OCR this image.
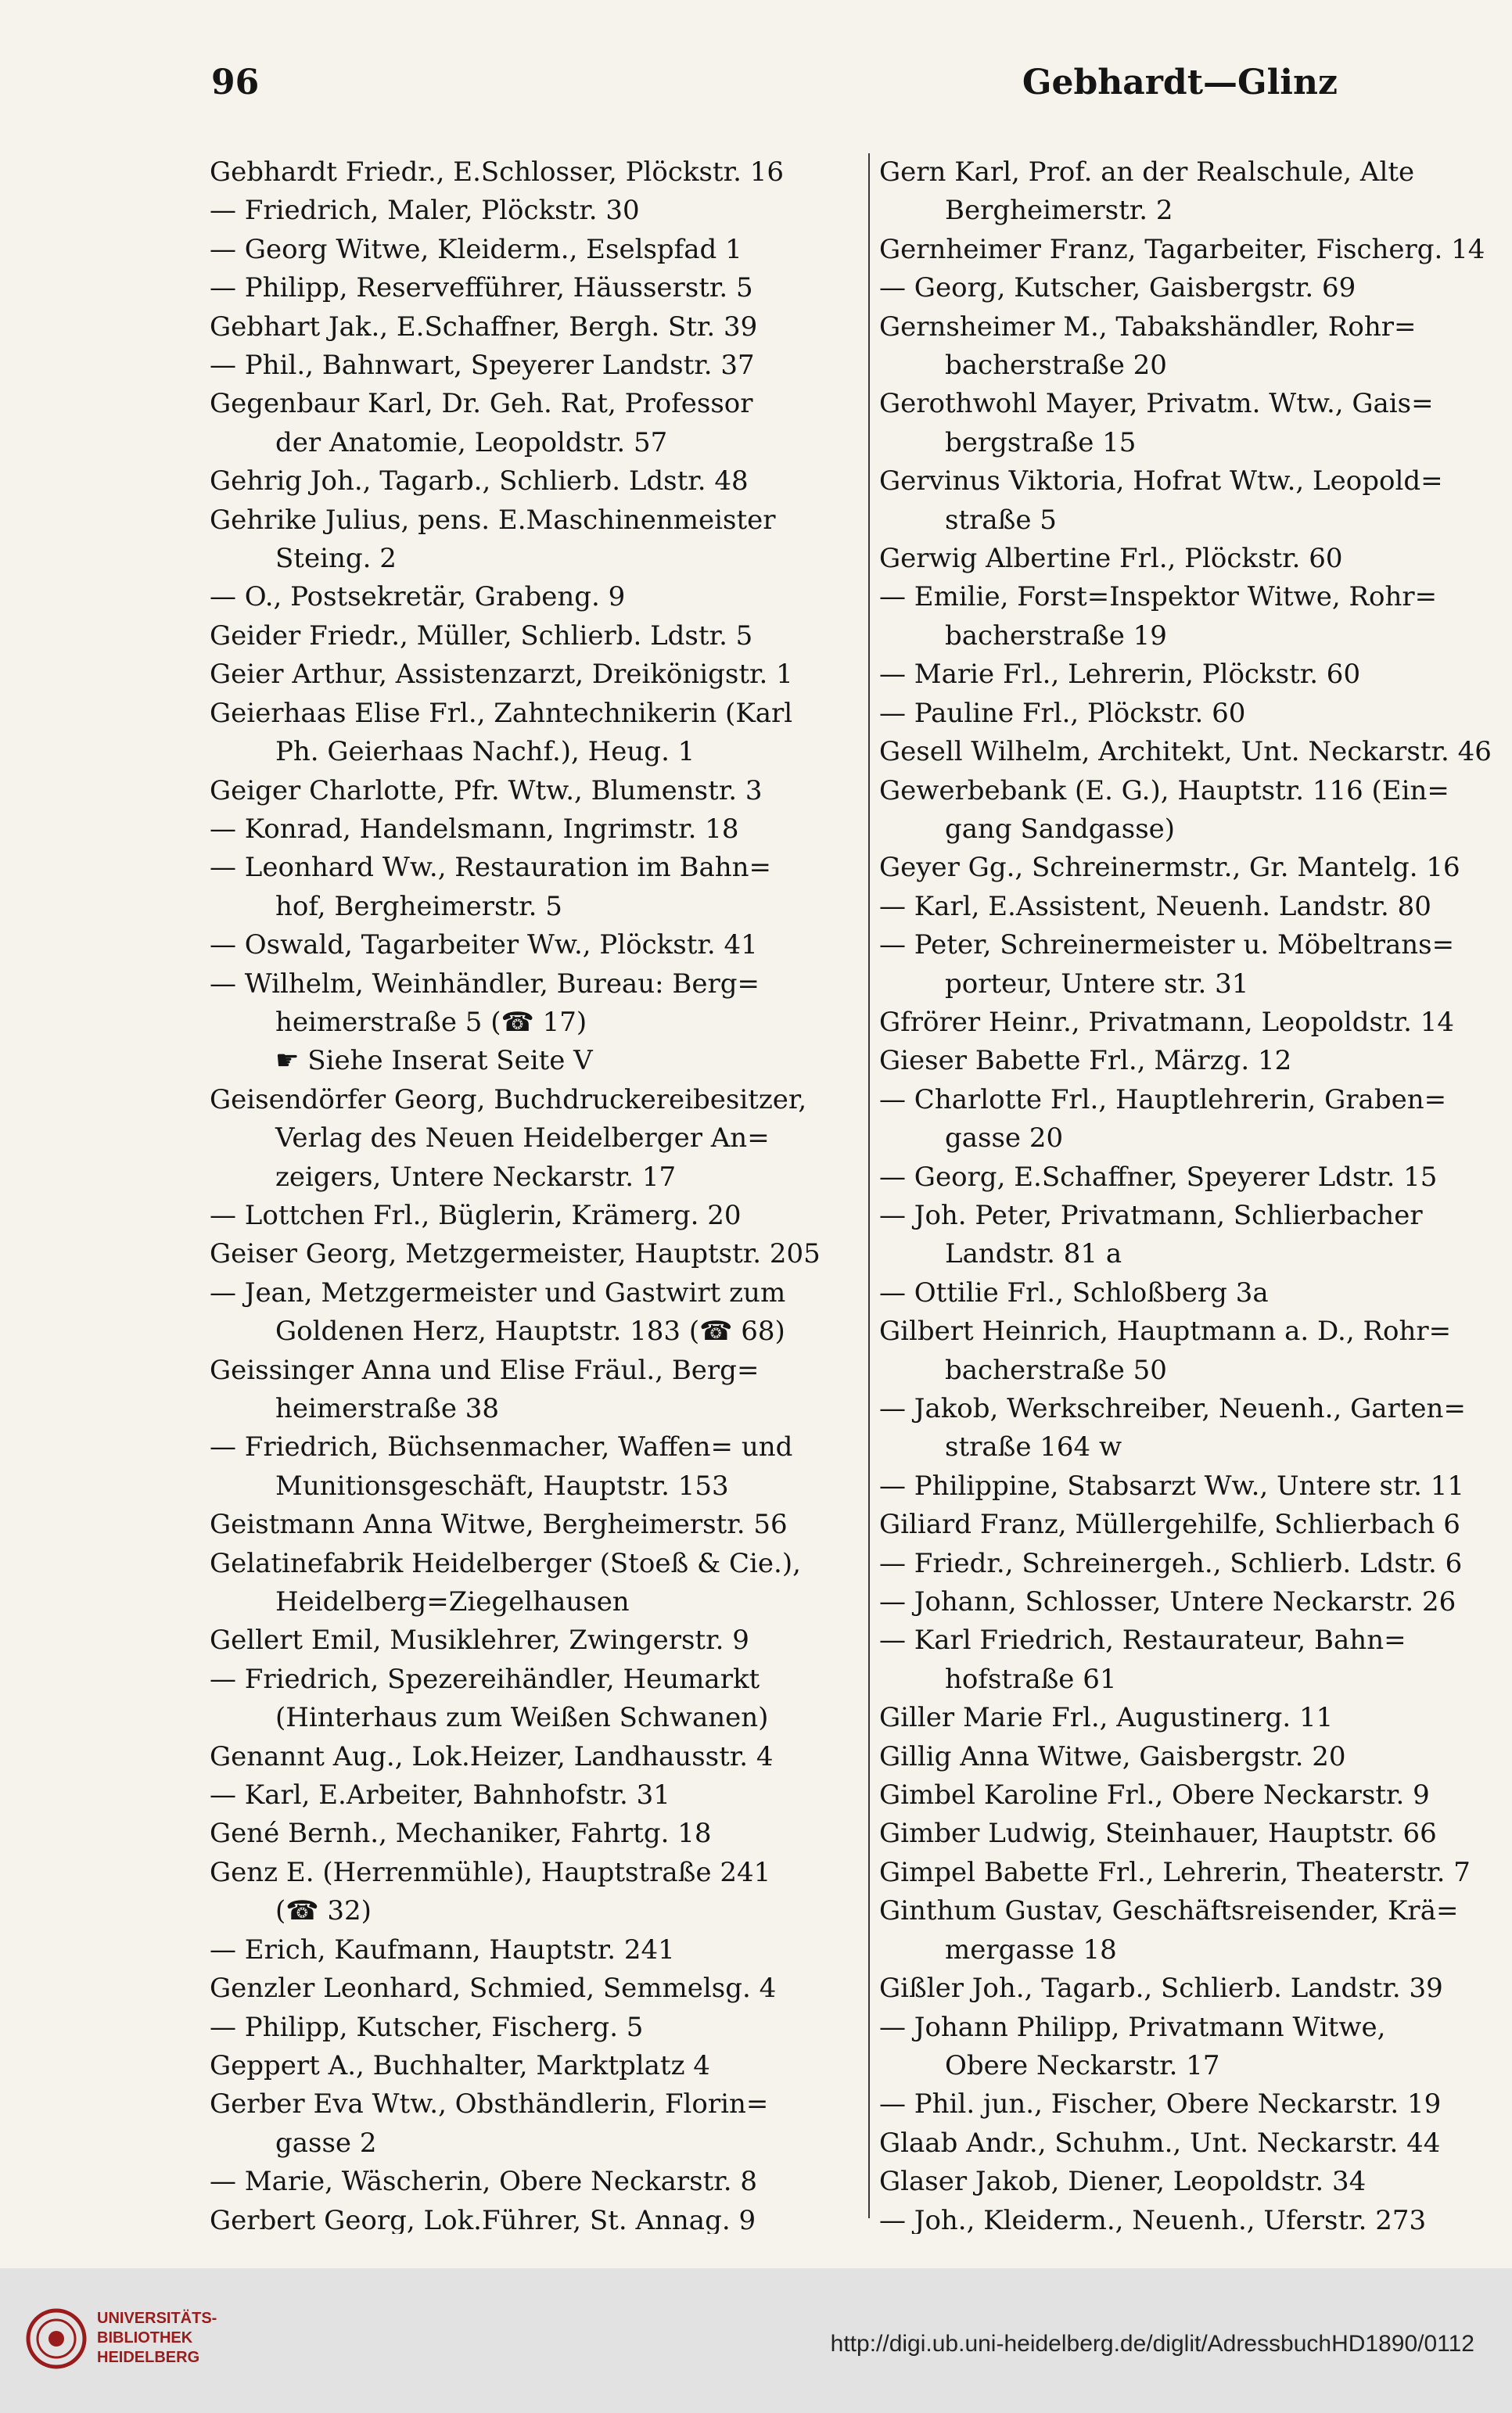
96	Gebhardt—Glinz
Gebhardt Friedr., E.Schlosser, Plöckstr. 16
— Friedrich, Maler, Plöckstr. 30
— Georg Witwe, Kleiderm., Eselspfad 1
— Philipp, Reservefführer, Häusserstr. 5
Gebhart Jak., E.Schaffner, Bergh. Str. 39
— Phil., Bahnwart, Speyerer Landstr. 37
Gegenbaur Karl, Dr. Geh. Rat, Professor
der Anatomie, Leopoldstr. 57
Gehrig Joh., Tagarb., Schlierb. Ldstr. 48
Gehrike Julius, pens. E.Maschinenmeister
Steing. 2
— O., Postsekretär, Grabeng. 9
Geider Friedr., Müller, Schlierb. Ldstr. 5
Geier Arthur, Assistenzarzt, Dreikönigstr. 1
Geierhaas Elise Frl., Zahntechnikerin (Karl
Ph. Geierhaas Nachf.), Heug. 1
Geiger Charlotte, Pfr. Wtw., Blumenstr. 3
— Konrad, Handelsmann, Ingrimstr. 18
— Leonhard Ww., Restauration im Bahn=
hof, Bergheimerstr. 5
— Oswald, Tagarbeiter Ww., Plöckstr. 41
— Wilhelm, Weinhändler, Bureau: Berg=
heimerstraße 5 (☎ 17)
☛ Siehe Inserat Seite V
Geisendörfer Georg, Buchdruckereibesitzer,
Verlag des Neuen Heidelberger An=
zeigers, Untere Neckarstr. 17
— Lottchen Frl., Büglerin, Krämerg. 20
Geiser Georg, Metzgermeister, Hauptstr. 205
— Jean, Metzgermeister und Gastwirt zum
Goldenen Herz, Hauptstr. 183 (☎ 68)
Geissinger Anna und Elise Fräul., Berg=
heimerstraße 38
— Friedrich, Büchsenmacher, Waffen= und
Munitionsgeschäft, Hauptstr. 153
Geistmann Anna Witwe, Bergheimerstr. 56
Gelatinefabrik Heidelberger (Stoeß & Cie.),
Heidelberg=Ziegelhausen
Gellert Emil, Musiklehrer, Zwingerstr. 9
— Friedrich, Spezereihändler, Heumarkt
(Hinterhaus zum Weißen Schwanen)
Genannt Aug., Lok.Heizer, Landhausstr. 4
— Karl, E.Arbeiter, Bahnhofstr. 31
Gené Bernh., Mechaniker, Fahrtg. 18
Genz E. (Herrenmühle), Hauptstraße 241
(☎ 32)
— Erich, Kaufmann, Hauptstr. 241
Genzler Leonhard, Schmied, Semmelsg. 4
— Philipp, Kutscher, Fischerg. 5
Geppert A., Buchhalter, Marktplatz 4
Gerber Eva Wtw., Obsthändlerin, Florin=
gasse 2
— Marie, Wäscherin, Obere Neckarstr. 8
Gerbert Georg, Lok.Führer, St. Annag. 9
Gern Karl, Prof. an der Realschule, Alte
Bergheimerstr. 2
Gernheimer Franz, Tagarbeiter, Fischerg. 14
— Georg, Kutscher, Gaisbergstr. 69
Gernsheimer M., Tabakshändler, Rohr=
bacherstraße 20
Gerothwohl Mayer, Privatm. Wtw., Gais=
bergstraße 15
Gervinus Viktoria, Hofrat Wtw., Leopold=
straße 5
Gerwig Albertine Frl., Plöckstr. 60
— Emilie, Forst=Inspektor Witwe, Rohr=
bacherstraße 19
— Marie Frl., Lehrerin, Plöckstr. 60
— Pauline Frl., Plöckstr. 60
Gesell Wilhelm, Architekt, Unt. Neckarstr. 46
Gewerbebank (E. G.), Hauptstr. 116 (Ein=
gang Sandgasse)
Geyer Gg., Schreinermstr., Gr. Mantelg. 16
— Karl, E.Assistent, Neuenh. Landstr. 80
— Peter, Schreinermeister u. Möbeltrans=
porteur, Untere str. 31
Gfrörer Heinr., Privatmann, Leopoldstr. 14
Gieser Babette Frl., Märzg. 12
— Charlotte Frl., Hauptlehrerin, Graben=
gasse 20
— Georg, E.Schaffner, Speyerer Ldstr. 15
— Joh. Peter, Privatmann, Schlierbacher
Landstr. 81 a
— Ottilie Frl., Schloßberg 3a
Gilbert Heinrich, Hauptmann a. D., Rohr=
bacherstraße 50
— Jakob, Werkschreiber, Neuenh., Garten=
straße 164 w
— Philippine, Stabsarzt Ww., Untere str. 11
Giliard Franz, Müllergehilfe, Schlierbach 6
— Friedr., Schreinergeh., Schlierb. Ldstr. 6
— Johann, Schlosser, Untere Neckarstr. 26
— Karl Friedrich, Restaurateur, Bahn=
hofstraße 61
Giller Marie Frl., Augustinerg. 11
Gillig Anna Witwe, Gaisbergstr. 20
Gimbel Karoline Frl., Obere Neckarstr. 9
Gimber Ludwig, Steinhauer, Hauptstr. 66
Gimpel Babette Frl., Lehrerin, Theaterstr. 7
Ginthum Gustav, Geschäftsreisender, Krä=
mergasse 18
Gißler Joh., Tagarb., Schlierb. Landstr. 39
— Johann Philipp, Privatmann Witwe,
Obere Neckarstr. 17
— Phil. jun., Fischer, Obere Neckarstr. 19
Glaab Andr., Schuhm., Unt. Neckarstr. 44
Glaser Jakob, Diener, Leopoldstr. 34
— Joh., Kleiderm., Neuenh., Uferstr. 273
UNIVERSITÄTS-
BIBLIOTHEK
HEIDELBERG
http://digi.ub.uni-heidelberg.de/diglit/AdressbuchHD1890/0112
